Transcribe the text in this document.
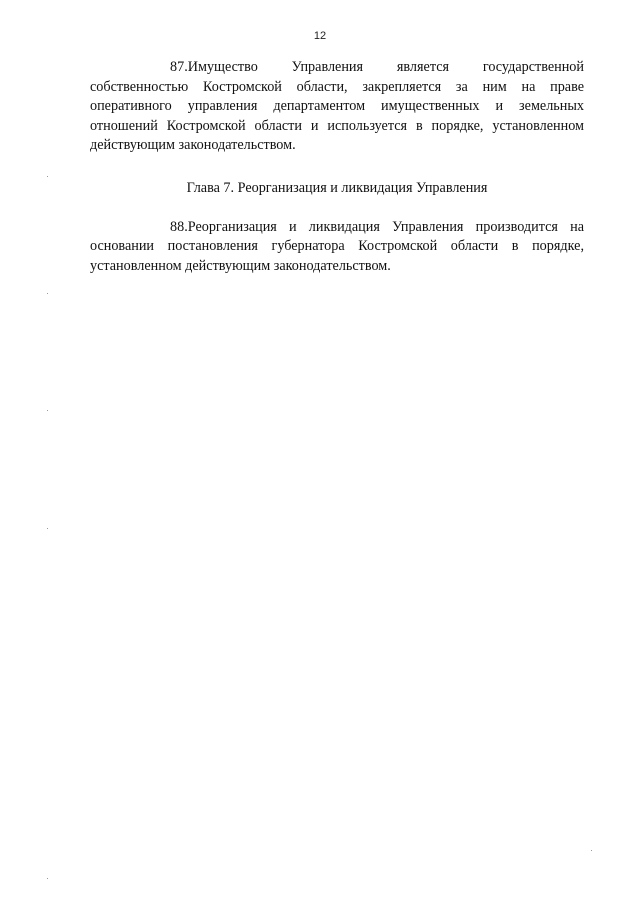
12

87.Имущество Управления является государственной собственностью Костромской области, закрепляется за ним на праве оперативного управления департаментом имущественных и земельных отношений Костромской области и используется в порядке, установленном действующим законодательством.

Глава 7. Реорганизация и ликвидация Управления

88.Реорганизация и ликвидация Управления производится на основании постановления губернатора Костромской области в порядке, установленном действующим законодательством.
